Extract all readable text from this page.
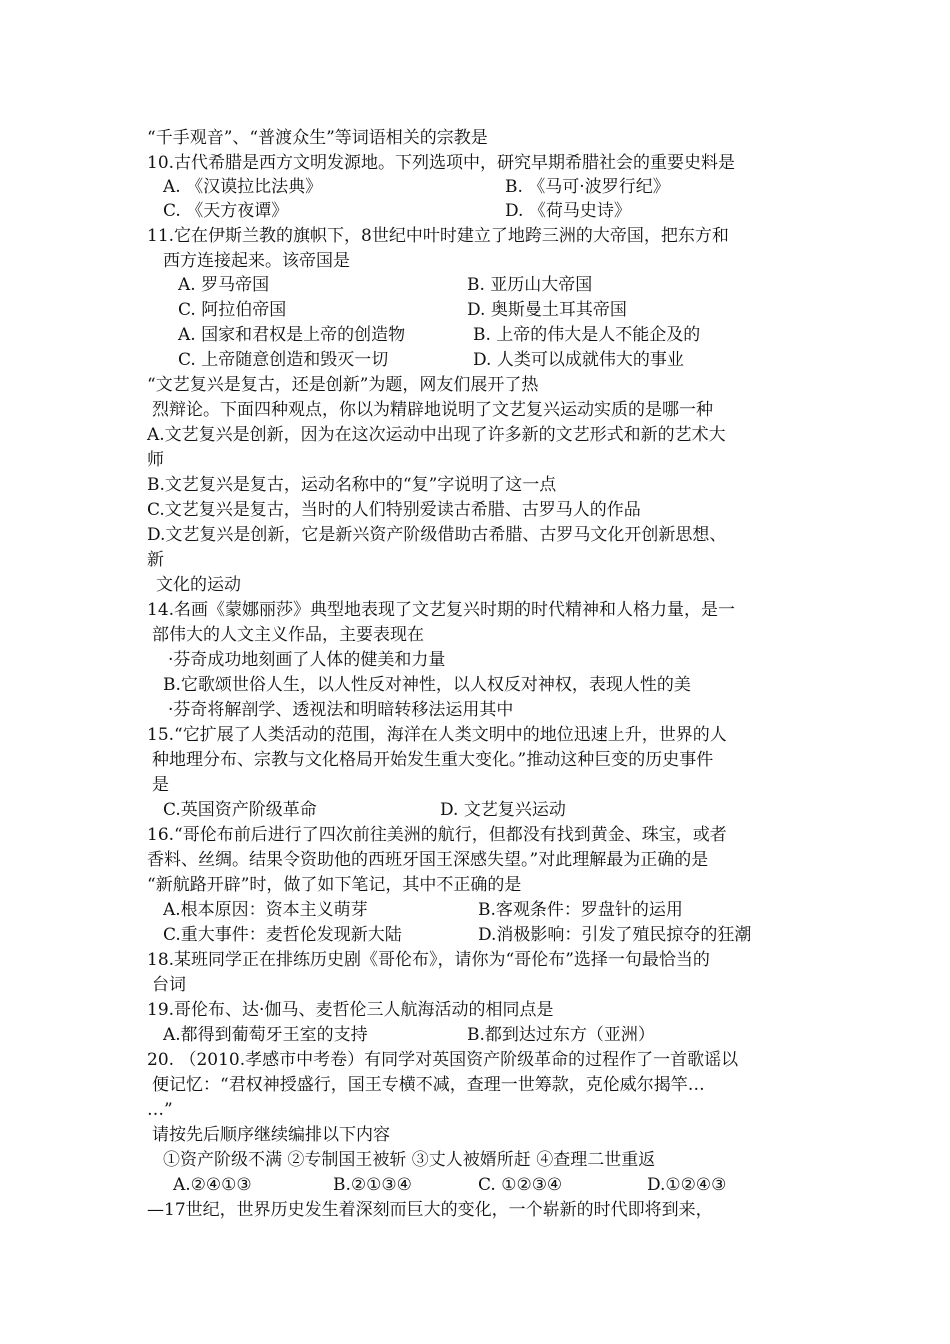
“千手观音”、“普渡众生”等词语相关的宗教是
10.古代希腊是西方文明发源地。下列选项中，研究早期希腊社会的重要史料是
A. 《汉谟拉比法典》	B. 《马可·波罗行纪》
C. 《天方夜谭》	D. 《荷马史诗》
11.它在伊斯兰教的旗帜下，8世纪中叶时建立了地跨三洲的大帝国，把东方和
西方连接起来。该帝国是
A. 罗马帝国	B. 亚历山大帝国
C. 阿拉伯帝国	D. 奥斯曼土耳其帝国
A. 国家和君权是上帝的创造物	B. 上帝的伟大是人不能企及的
C. 上帝随意创造和毁灭一切	D. 人类可以成就伟大的事业
“文艺复兴是复古，还是创新”为题，网友们展开了热
烈辩论。下面四种观点，你以为精辟地说明了文艺复兴运动实质的是哪一种
A.文艺复兴是创新，因为在这次运动中出现了许多新的文艺形式和新的艺术大
师
B.文艺复兴是复古，运动名称中的“复”字说明了这一点
C.文艺复兴是复古，当时的人们特别爱读古希腊、古罗马人的作品
D.文艺复兴是创新，它是新兴资产阶级借助古希腊、古罗马文化开创新思想、
新
文化的运动
14.名画《蒙娜丽莎》典型地表现了文艺复兴时期的时代精神和人格力量，是一
部伟大的人文主义作品，主要表现在
·芬奇成功地刻画了人体的健美和力量
B.它歌颂世俗人生，以人性反对神性，以人权反对神权，表现人性的美
·芬奇将解剖学、透视法和明暗转移法运用其中
15.“它扩展了人类活动的范围，海洋在人类文明中的地位迅速上升，世界的人
种地理分布、宗教与文化格局开始发生重大变化。”推动这种巨变的历史事件
是
C.英国资产阶级革命	D. 文艺复兴运动
16.“哥伦布前后进行了四次前往美洲的航行，但都没有找到黄金、珠宝，或者
香料、丝绸。结果令资助他的西班牙国王深感失望。”对此理解最为正确的是
“新航路开辟”时，做了如下笔记，其中不正确的是
A.根本原因：资本主义萌芽	B.客观条件：罗盘针的运用
C.重大事件：麦哲伦发现新大陆	D.消极影响：引发了殖民掠夺的狂潮
18.某班同学正在排练历史剧《哥伦布》，请你为“哥伦布”选择一句最恰当的
台词
19.哥伦布、达·伽马、麦哲伦三人航海活动的相同点是
A.都得到葡萄牙王室的支持	B.都到达过东方（亚洲）
20. （2010.孝感市中考卷）有同学对英国资产阶级革命的过程作了一首歌谣以
便记忆：“君权神授盛行，国王专横不减，查理一世筹款，克伦威尔揭竿…
…”
请按先后顺序继续编排以下内容
①资产阶级不满 ②专制国王被斩 ③丈人被婿所赶 ④查理二世重返
A.②④①③	B.②①③④	C. ①②③④	D.①②④③
—17世纪，世界历史发生着深刻而巨大的变化，一个崭新的时代即将到来，
